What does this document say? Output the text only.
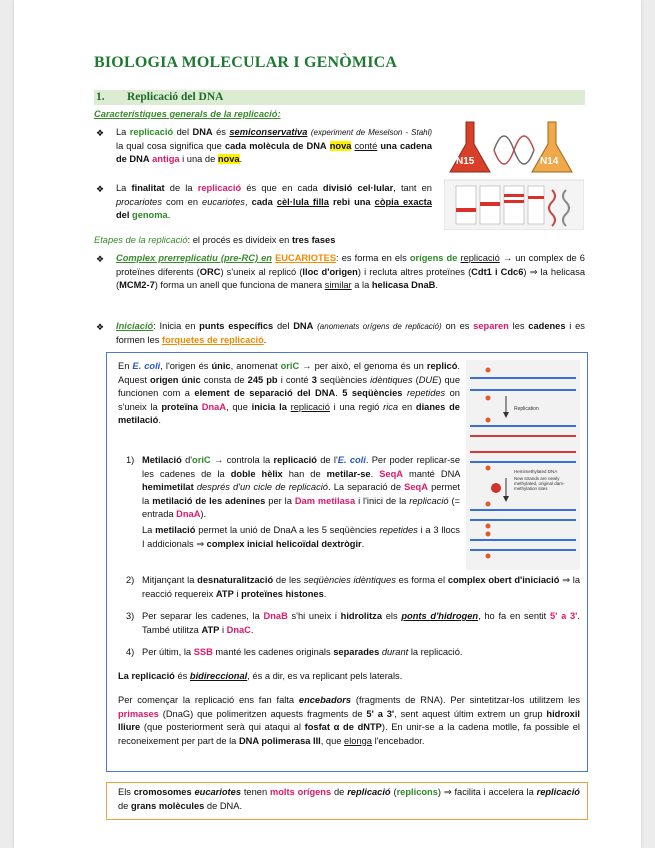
BIOLOGIA MOLECULAR I GENÒMICA
1. Replicació del DNA
Característiques generals de la replicació:
❖ La replicació del DNA és semiconservativa (experiment de Meselson - Stahl) la qual cosa significa que cada molècula de DNA nova conté una cadena de DNA antiga i una de nova.
❖ La finalitat de la replicació és que en cada divisió cel·lular, tant en procariotes com en eucariotes, cada cèl·lula filla rebi una còpia exacta del genoma.
N15	N14
Etapes de la replicació: el procés es divideix en tres fases
❖ Complex prerreplicatiu (pre-RC) en EUCARIOTES: es forma en els orígens de replicació → un complex de 6 proteïnes diferents (ORC) s'uneix al replicó (lloc d'origen) i recluta altres proteïnes (Cdt1 i Cdc6) ⇒ la helicasa (MCM2-7) forma un anell que funciona de manera similar a la helicasa DnaB.
❖ Iniciació: Inicia en punts específics del DNA (anomenats orígens de replicació) on es separen les cadenes i es formen les forquetes de replicació.
En E. coli, l'origen és únic, anomenat oriC → per això, el genoma és un replicó. Aquest origen únic consta de 245 pb i conté 3 seqüències idèntiques (DUE) que funcionen com a element de separació del DNA. 5 seqüències repetides on s'uneix la proteïna DnaA, que inicia la replicació i una regió rica en dianes de metilació.
1) Metilació d'oriC → controla la replicació de l'E. coli. Per poder replicar-se les cadenes de la doble hèlix han de metilar-se. SeqA manté DNA hemimetilat després d'un cicle de replicació. La separació de SeqA permet la metilació de les adenines per la Dam metilasa i l'inici de la replicació (= entrada DnaA).
La metilació permet la unió de DnaA a les 5 seqüències repetides i a 3 llocs I addicionals ⇒ complex inicial helicoïdal dextrògir.
2) Mitjançant la desnaturalització de les seqüències idèntiques es forma el complex obert d'iniciació ⇒ la reacció requereix ATP i proteïnes histones.
3) Per separar les cadenes, la DnaB s'hi uneix i hidrolitza els ponts d'hidrogen, ho fa en sentit 5' a 3'. També utilitza ATP i DnaC.
4) Per últim, la SSB manté les cadenes originals separades durant la replicació.
La replicació és bidireccional, és a dir, es va replicant pels laterals.
Per començar la replicació ens fan falta encebadors (fragments de RNA). Per sintetitzar-los utilitzem les primases (DnaG) que polimeritzen aquests fragments de 5' a 3', sent aquest últim extrem un grup hidroxil lliure (que posteriorment serà qui ataqui al fosfat α de dNTP). En unir-se a la cadena motlle, fa possible el reconeixement per part de la DNA polimerasa III, que elonga l'encebador.
Replication
Hemimethylated DNA
New strands are newly methylated, original dam-methylation sites
Els cromosomes eucariotes tenen molts orígens de replicació (replicons) ⇒ facilita i accelera la replicació de grans molècules de DNA.
